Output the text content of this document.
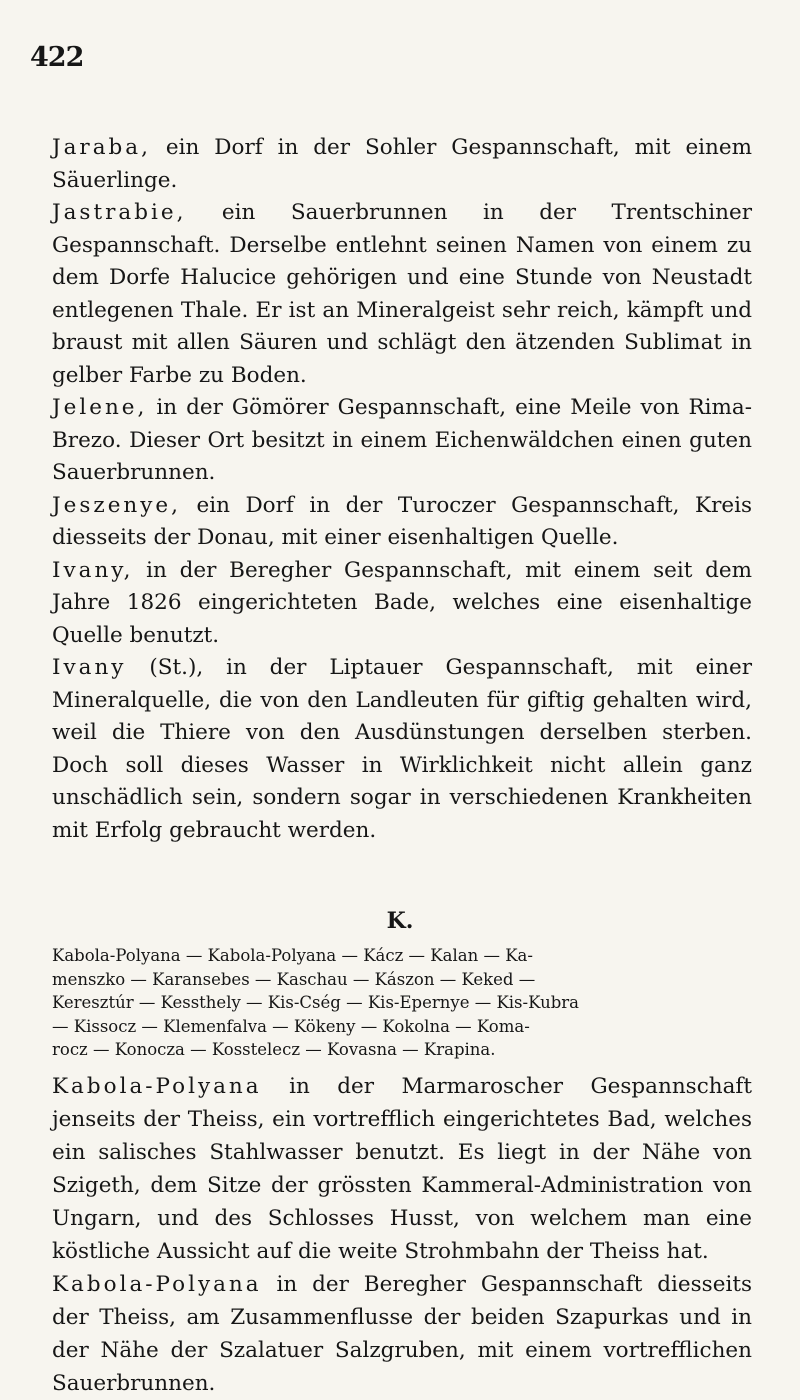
422

Jaraba, ein Dorf in der Sohler Gespannschaft, mit einem Säuerlinge.

Jastrabie, ein Sauerbrunnen in der Trentschiner Gespannschaft. Derselbe entlehnt seinen Namen von einem zu dem Dorfe Halucice gehörigen und eine Stunde von Neustadt entlegenen Thale. Er ist an Mineralgeist sehr reich, kämpft und braust mit allen Säuren und schlägt den ätzenden Sublimat in gelber Farbe zu Boden.

Jelene, in der Gömörer Gespannschaft, eine Meile von Rima-Brezo. Dieser Ort besitzt in einem Eichenwäldchen einen guten Sauerbrunnen.

Jeszenye, ein Dorf in der Turoczer Gespannschaft, Kreis diesseits der Donau, mit einer eisenhaltigen Quelle.

Ivany, in der Beregher Gespannschaft, mit einem seit dem Jahre 1826 eingerichteten Bade, welches eine eisenhaltige Quelle benutzt.

Ivany (St.), in der Liptauer Gespannschaft, mit einer Mineralquelle, die von den Landleuten für giftig gehalten wird, weil die Thiere von den Ausdünstungen derselben sterben. Doch soll dieses Wasser in Wirklichkeit nicht allein ganz unschädlich sein, sondern sogar in verschiedenen Krankheiten mit Erfolg gebraucht werden.

K.
Kabola-Polyana — Kabola-Polyana — Kácz — Kalan — Ka-
menszko — Karansebes — Kaschau — Kászon — Keked —
Keresztúr — Kessthely — Kis-Cség — Kis-Epernye — Kis-Kubra
— Kissocz — Klemenfalva — Kökeny — Kokolna — Koma-
rocz — Konocza — Kosstelecz — Kovasna — Krapina.

Kabola-Polyana in der Marmaroscher Gespannschaft jenseits der Theiss, ein vortrefflich eingerichtetes Bad, welches ein salisches Stahlwasser benutzt. Es liegt in der Nähe von Szigeth, dem Sitze der grössten Kammeral-Administration von Ungarn, und des Schlosses Husst, von welchem man eine köstliche Aussicht auf die weite Strohmbahn der Theiss hat.

Kabola-Polyana in der Beregher Gespannschaft diesseits der Theiss, am Zusammenflusse der beiden Szapurkas und in der Nähe der Szalatuer Salzgruben, mit einem vortrefflichen Sauerbrunnen.
